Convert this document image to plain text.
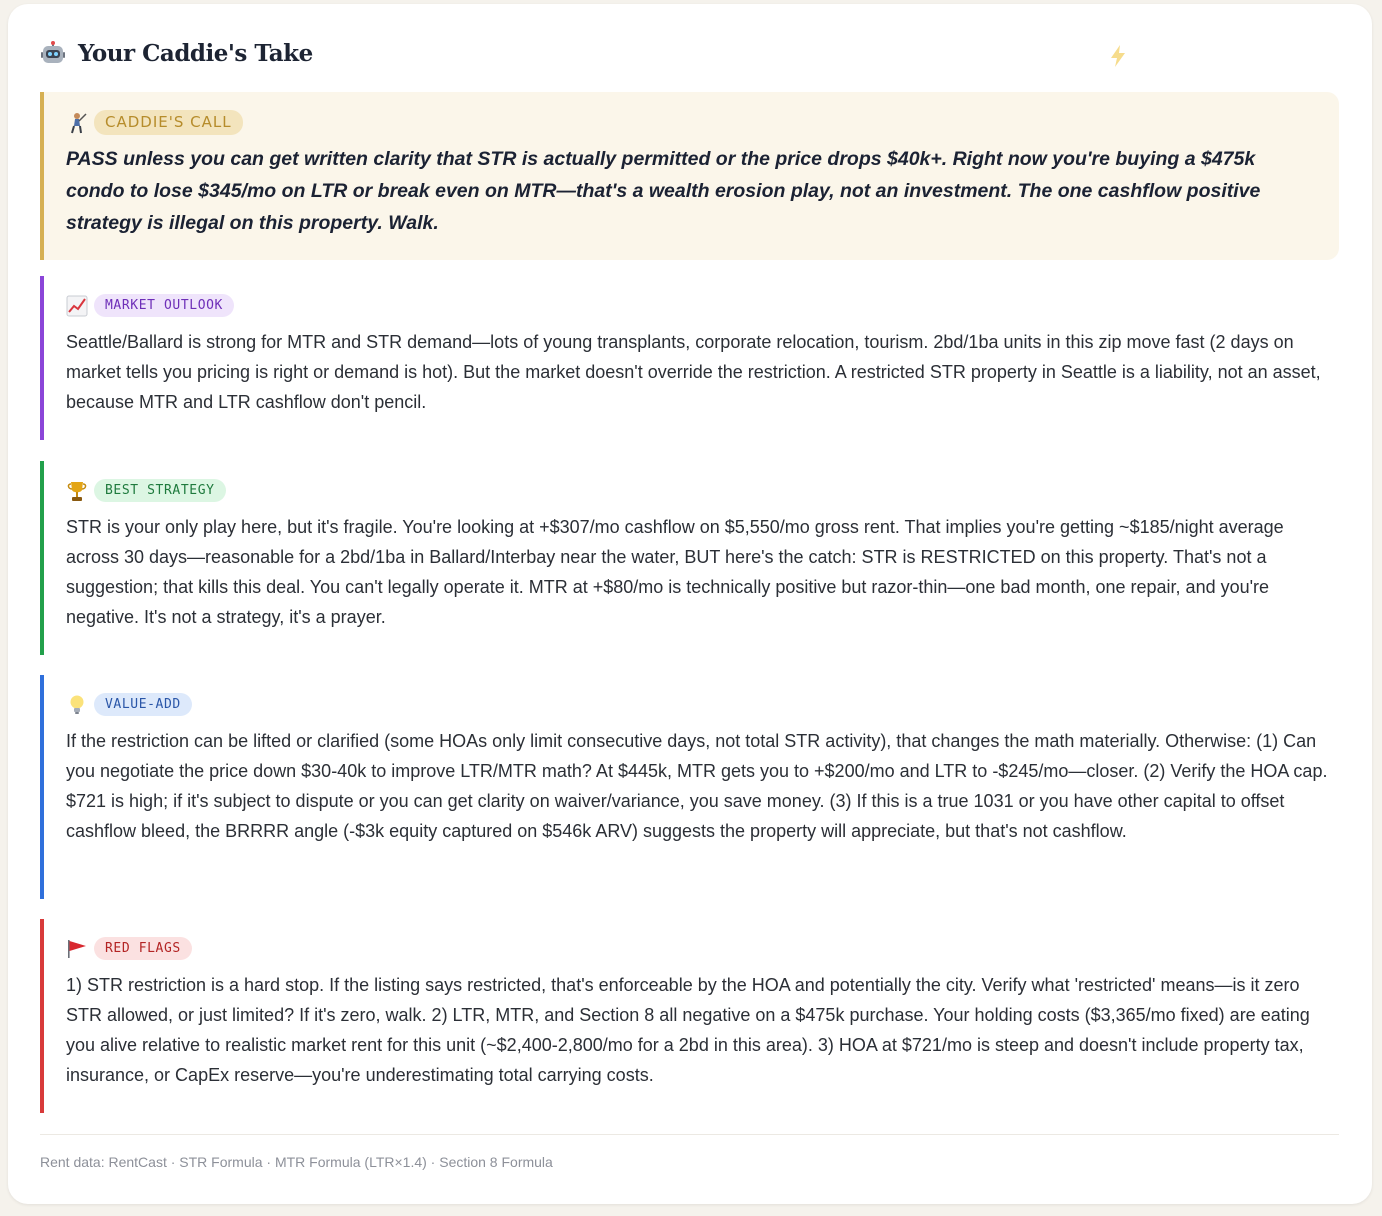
Your Caddie's Take
CADDIE'S CALL

PASS unless you can get written clarity that STR is actually permitted or the price drops $40k+. Right now you're buying a $475k condo to lose $345/mo on LTR or break even on MTR—that's a wealth erosion play, not an investment. The one cashflow positive strategy is illegal on this property. Walk.

MARKET OUTLOOK

Seattle/Ballard is strong for MTR and STR demand—lots of young transplants, corporate relocation, tourism. 2bd/1ba units in this zip move fast (2 days on market tells you pricing is right or demand is hot). But the market doesn't override the restriction. A restricted STR property in Seattle is a liability, not an asset, because MTR and LTR cashflow don't pencil.

BEST STRATEGY

STR is your only play here, but it's fragile. You're looking at +$307/mo cashflow on $5,550/mo gross rent. That implies you're getting ~$185/night average across 30 days—reasonable for a 2bd/1ba in Ballard/Interbay near the water, BUT here's the catch: STR is RESTRICTED on this property. That's not a suggestion; that kills this deal. You can't legally operate it. MTR at +$80/mo is technically positive but razor-thin—one bad month, one repair, and you're negative. It's not a strategy, it's a prayer.

VALUE-ADD

If the restriction can be lifted or clarified (some HOAs only limit consecutive days, not total STR activity), that changes the math materially. Otherwise: (1) Can you negotiate the price down $30-40k to improve LTR/MTR math? At $445k, MTR gets you to +$200/mo and LTR to -$245/mo—closer. (2) Verify the HOA cap. $721 is high; if it's subject to dispute or you can get clarity on waiver/variance, you save money. (3) If this is a true 1031 or you have other capital to offset cashflow bleed, the BRRRR angle (-$3k equity captured on $546k ARV) suggests the property will appreciate, but that's not cashflow.

RED FLAGS

1) STR restriction is a hard stop. If the listing says restricted, that's enforceable by the HOA and potentially the city. Verify what 'restricted' means—is it zero STR allowed, or just limited? If it's zero, walk. 2) LTR, MTR, and Section 8 all negative on a $475k purchase. Your holding costs ($3,365/mo fixed) are eating you alive relative to realistic market rent for this unit (~$2,400-2,800/mo for a 2bd in this area). 3) HOA at $721/mo is steep and doesn't include property tax, insurance, or CapEx reserve—you're underestimating total carrying costs.

Rent data: RentCast · STR Formula · MTR Formula (LTR×1.4) · Section 8 Formula
